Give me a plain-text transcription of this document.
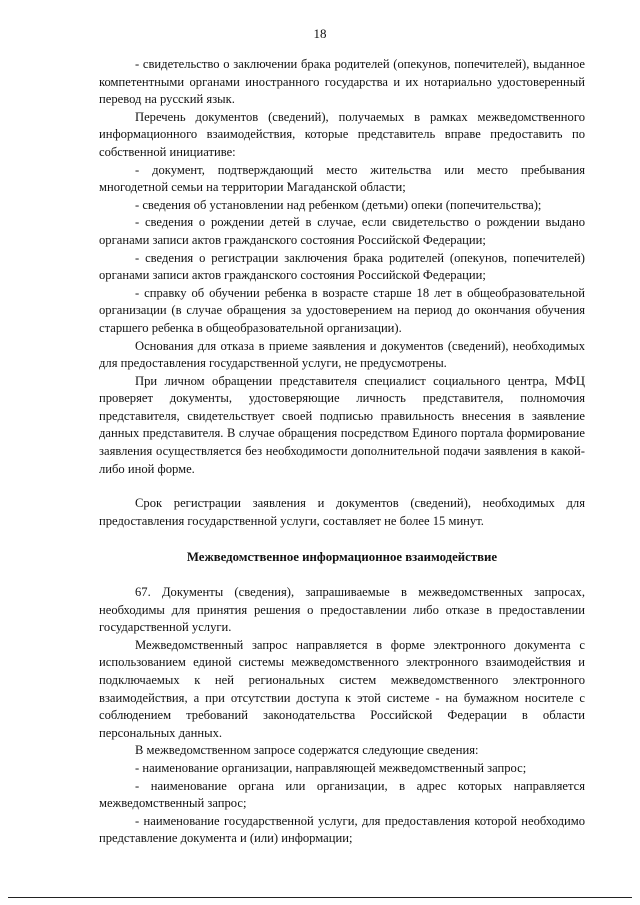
18

- свидетельство о заключении брака родителей (опекунов, попечителей), выданное компетентными органами иностранного государства и их нотариально удостоверенный перевод на русский язык.

Перечень документов (сведений), получаемых в рамках межведомственного информационного взаимодействия, которые представитель вправе предоставить по собственной инициативе:

- документ, подтверждающий место жительства или место пребывания многодетной семьи на территории Магаданской области;

- сведения об установлении над ребенком (детьми) опеки (попечительства);

- сведения о рождении детей в случае, если свидетельство о рождении выдано органами записи актов гражданского состояния Российской Федерации;

- сведения о регистрации заключения брака родителей (опекунов, попечителей) органами записи актов гражданского состояния Российской Федерации;

- справку об обучении ребенка в возрасте старше 18 лет в общеобразовательной организации (в случае обращения за удостоверением на период до окончания обучения старшего ребенка в общеобразовательной организации).

Основания для отказа в приеме заявления и документов (сведений), необходимых для предоставления государственной услуги, не предусмотрены.

При личном обращении представителя специалист социального центра, МФЦ проверяет документы, удостоверяющие личность представителя, полномочия представителя, свидетельствует своей подписью правильность внесения в заявление данных представителя. В случае обращения посредством Единого портала формирование заявления осуществляется без необходимости дополнительной подачи заявления в какой-либо иной форме.

Срок регистрации заявления и документов (сведений), необходимых для предоставления государственной услуги, составляет не более 15 минут.

Межведомственное информационное взаимодействие

67. Документы (сведения), запрашиваемые в межведомственных запросах, необходимы для принятия решения о предоставлении либо отказе в предоставлении государственной услуги.

Межведомственный запрос направляется в форме электронного документа с использованием единой системы межведомственного электронного взаимодействия и подключаемых к ней региональных систем межведомственного электронного взаимодействия, а при отсутствии доступа к этой системе - на бумажном носителе с соблюдением требований законодательства Российской Федерации в области персональных данных.

В межведомственном запросе содержатся следующие сведения:

- наименование организации, направляющей межведомственный запрос;

- наименование органа или организации, в адрес которых направляется межведомственный запрос;

- наименование государственной услуги, для предоставления которой необходимо представление документа и (или) информации;
